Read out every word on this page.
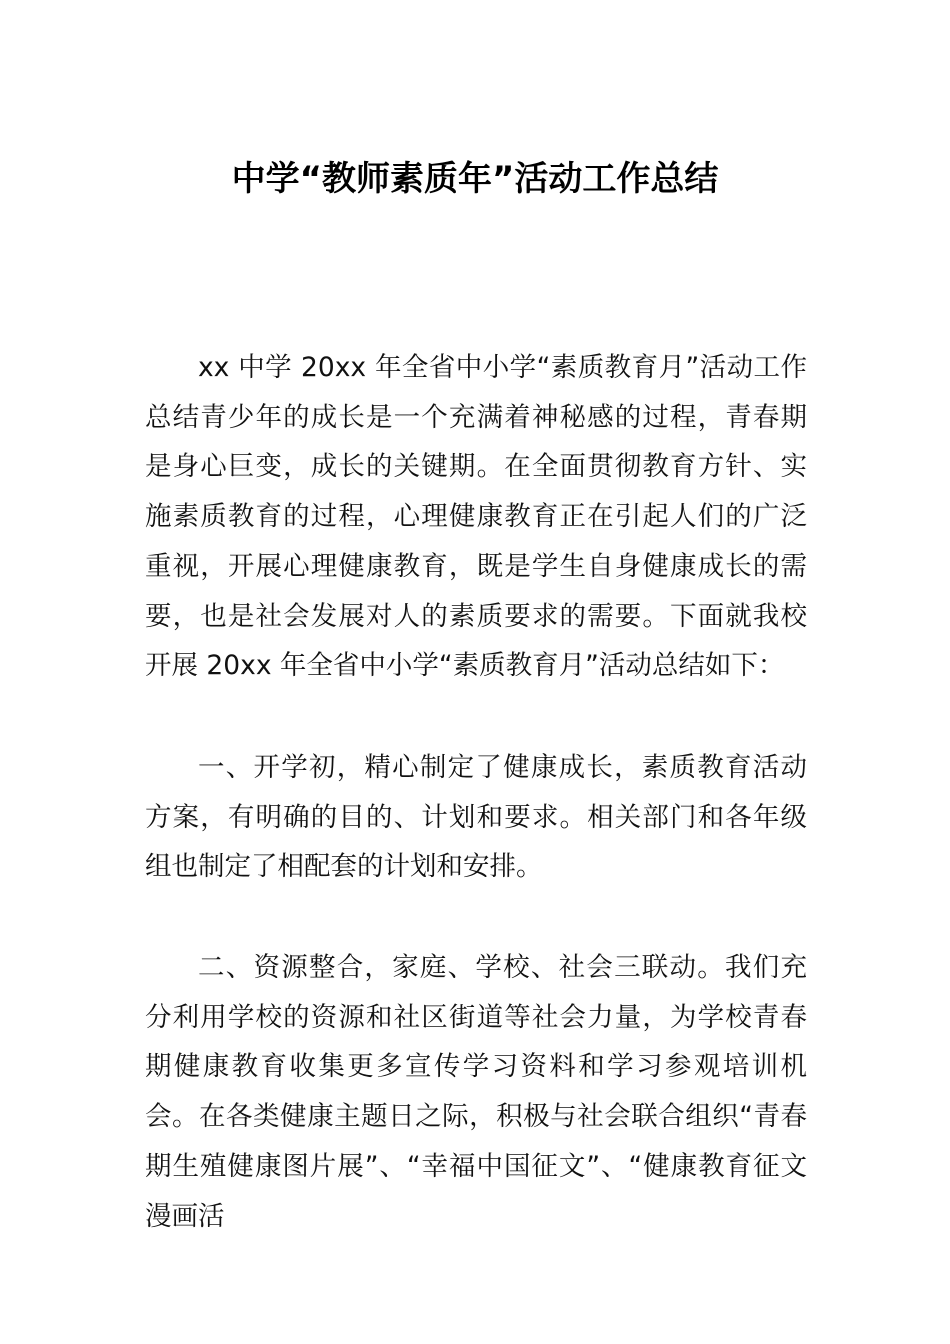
中学“教师素质年”活动工作总结

xx 中学 20xx 年全省中小学“素质教育月”活动工作总结青少年的成长是一个充满着神秘感的过程，青春期是身心巨变，成长的关键期。在全面贯彻教育方针、实施素质教育的过程，心理健康教育正在引起人们的广泛重视，开展心理健康教育，既是学生自身健康成长的需要，也是社会发展对人的素质要求的需要。下面就我校开展 20xx 年全省中小学“素质教育月”活动总结如下：

一、开学初，精心制定了健康成长，素质教育活动方案，有明确的目的、计划和要求。相关部门和各年级组也制定了相配套的计划和安排。

二、资源整合，家庭、学校、社会三联动。我们充分利用学校的资源和社区街道等社会力量，为学校青春期健康教育收集更多宣传学习资料和学习参观培训机会。在各类健康主题日之际，积极与社会联合组织“青春期生殖健康图片展”、“幸福中国征文”、“健康教育征文漫画活
